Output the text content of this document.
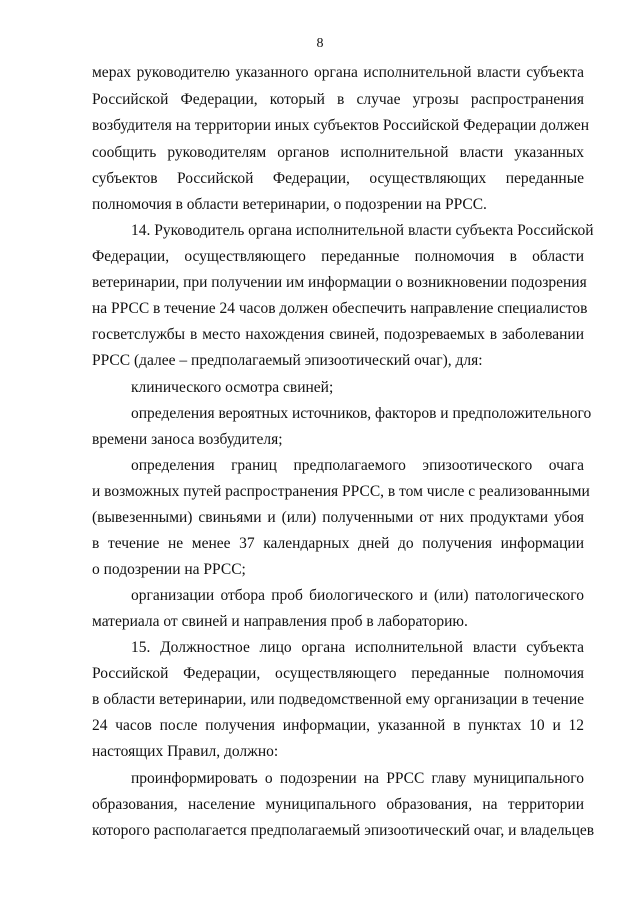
8
мерах руководителю указанного органа исполнительной власти субъекта
Российской Федерации, который в случае угрозы распространения
возбудителя на территории иных субъектов Российской Федерации должен
сообщить руководителям органов исполнительной власти указанных
субъектов Российской Федерации, осуществляющих переданные
полномочия в области ветеринарии, о подозрении на РРСС.
14. Руководитель органа исполнительной власти субъекта Российской
Федерации, осуществляющего переданные полномочия в области
ветеринарии, при получении им информации о возникновении подозрения
на РРСС в течение 24 часов должен обеспечить направление специалистов
госветслужбы в место нахождения свиней, подозреваемых в заболевании
РРСС (далее – предполагаемый эпизоотический очаг), для:
клинического осмотра свиней;
определения вероятных источников, факторов и предположительного
времени заноса возбудителя;
определения границ предполагаемого эпизоотического очага
и возможных путей распространения РРСС, в том числе с реализованными
(вывезенными) свиньями и (или) полученными от них продуктами убоя
в течение не менее 37 календарных дней до получения информации
о подозрении на РРСС;
организации отбора проб биологического и (или) патологического
материала от свиней и направления проб в лабораторию.
15. Должностное лицо органа исполнительной власти субъекта
Российской Федерации, осуществляющего переданные полномочия
в области ветеринарии, или подведомственной ему организации в течение
24 часов после получения информации, указанной в пунктах 10 и 12
настоящих Правил, должно:
проинформировать о подозрении на РРСС главу муниципального
образования, население муниципального образования, на территории
которого располагается предполагаемый эпизоотический очаг, и владельцев
